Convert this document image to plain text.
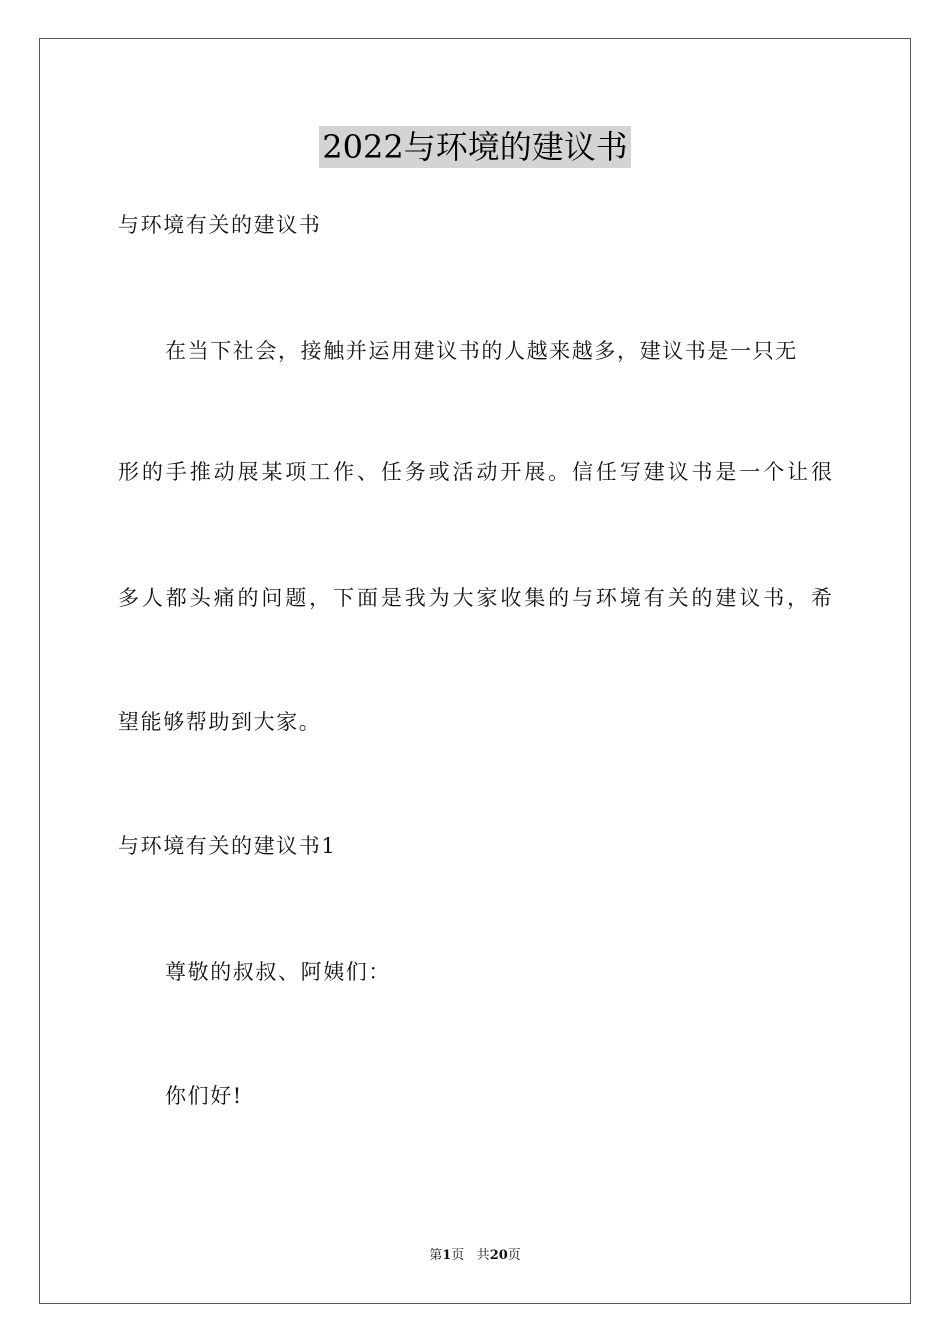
2022与环境的建议书
与环境有关的建议书
在当下社会，接触并运用建议书的人越来越多，建议书是一只无
形的手推动展某项工作、任务或活动开展。信任写建议书是一个让很
多人都头痛的问题，下面是我为大家收集的与环境有关的建议书，希
望能够帮助到大家。
与环境有关的建议书1
尊敬的叔叔、阿姨们：
你们好!
第1页 共20页
